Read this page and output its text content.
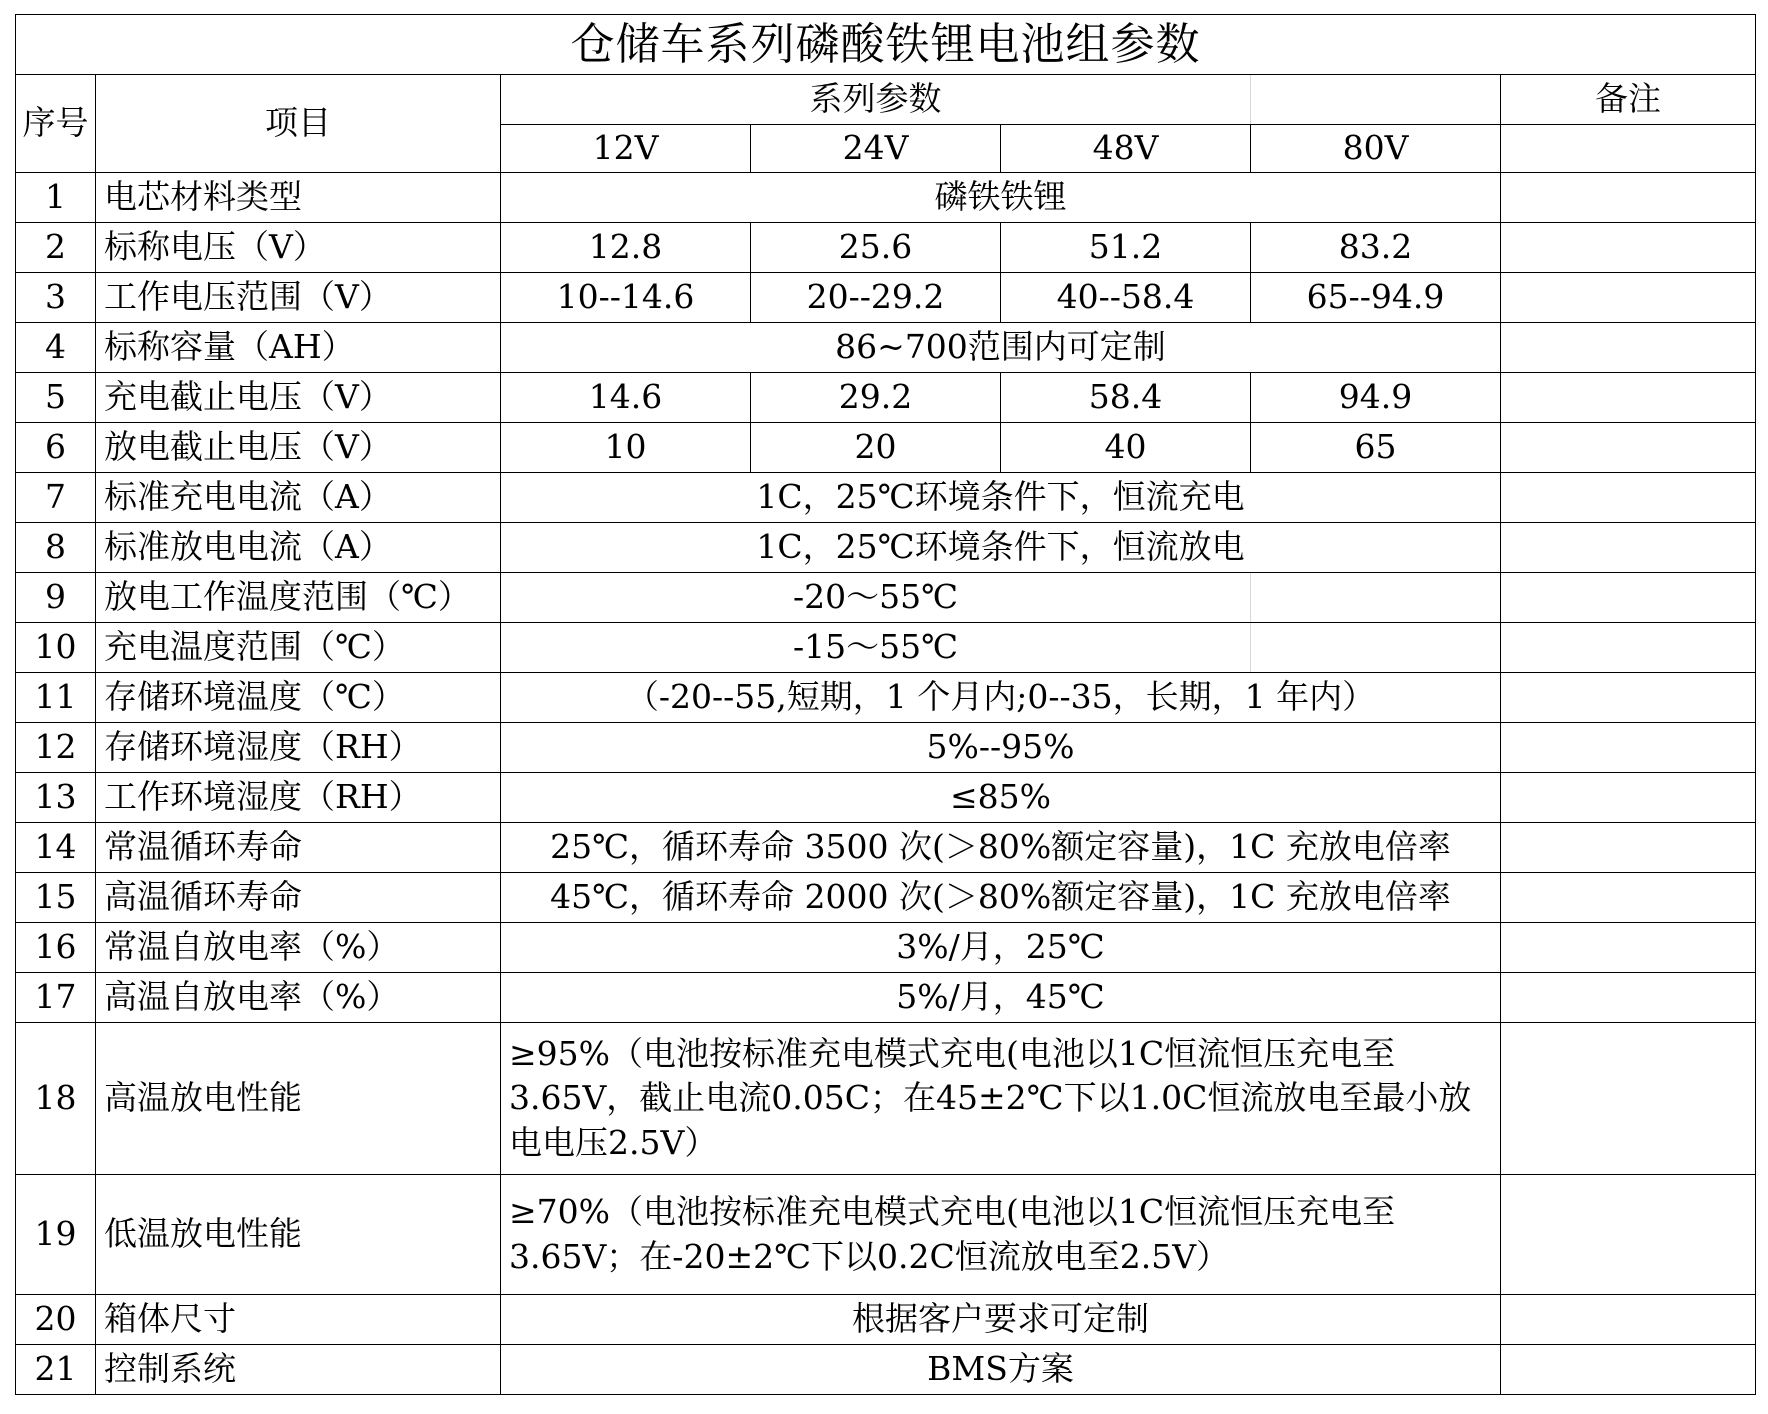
仓储车系列磷酸铁锂电池组参数						
序号	项目	系列参数				备注
		12V	24V	48V	80V	
1	电芯材料类型	磷铁铁锂				
2	标称电压（V）	12.8	25.6	51.2	83.2	
3	工作电压范围（V）	10--14.6	20--29.2	40--58.4	65--94.9	
4	标称容量（AH）	86~700范围内可定制				
5	充电截止电压（V）	14.6	29.2	58.4	94.9	
6	放电截止电压（V）	10	20	40	65	
7	标准充电电流（A）	1C，25℃环境条件下，恒流充电				
8	标准放电电流（A）	1C，25℃环境条件下，恒流放电				
9	放电工作温度范围（℃）	-20～55℃				
10	充电温度范围（℃）	-15～55℃				
11	存储环境温度（℃）	（-20--55,短期，1 个月内;0--35，长期，1 年内）				
12	存储环境湿度（RH）	5%--95%				
13	工作环境湿度（RH）	≤85%				
14	常温循环寿命	25℃，循环寿命 3500 次(＞80%额定容量)，1C 充放电倍率				
15	高温循环寿命	45℃，循环寿命 2000 次(＞80%额定容量)，1C 充放电倍率				
16	常温自放电率（%）	3%/月，25℃				
17	高温自放电率（%）	5%/月，45℃				
18	高温放电性能	≥95%（电池按标准充电模式充电(电池以1C恒流恒压充电至3.65V，截止电流0.05C；在45±2℃下以1.0C恒流放电至最小放电电压2.5V）				
19	低温放电性能	≥70%（电池按标准充电模式充电(电池以1C恒流恒压充电至3.65V；在-20±2℃下以0.2C恒流放电至2.5V）				
20	箱体尺寸	根据客户要求可定制				
21	控制系统	BMS方案				
